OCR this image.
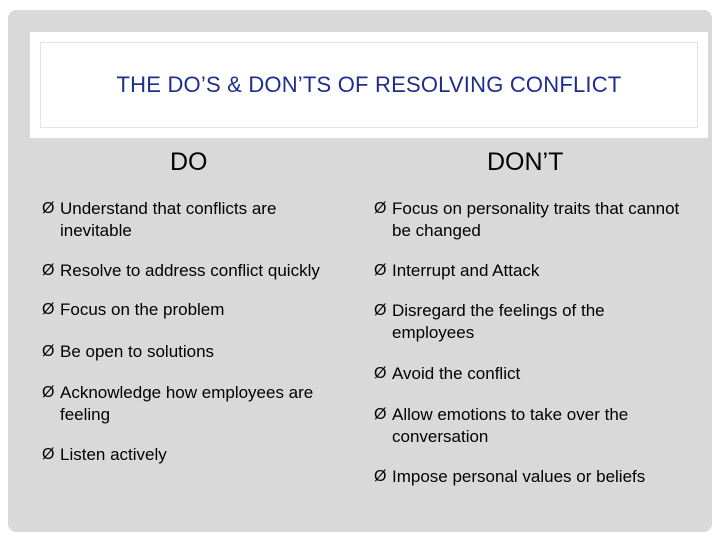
THE DO’S & DON’TS OF RESOLVING CONFLICT
DO	DON’T
Ø Understand that conflicts are inevitable
Ø Resolve to address conflict quickly
Ø Focus on the problem
Ø Be open to solutions
Ø Acknowledge how employees are feeling
Ø Listen actively
Ø Focus on personality traits that cannot be changed
Ø Interrupt and Attack
Ø Disregard the feelings of the employees
Ø Avoid the conflict
Ø Allow emotions to take over the conversation
Ø Impose personal values or beliefs
